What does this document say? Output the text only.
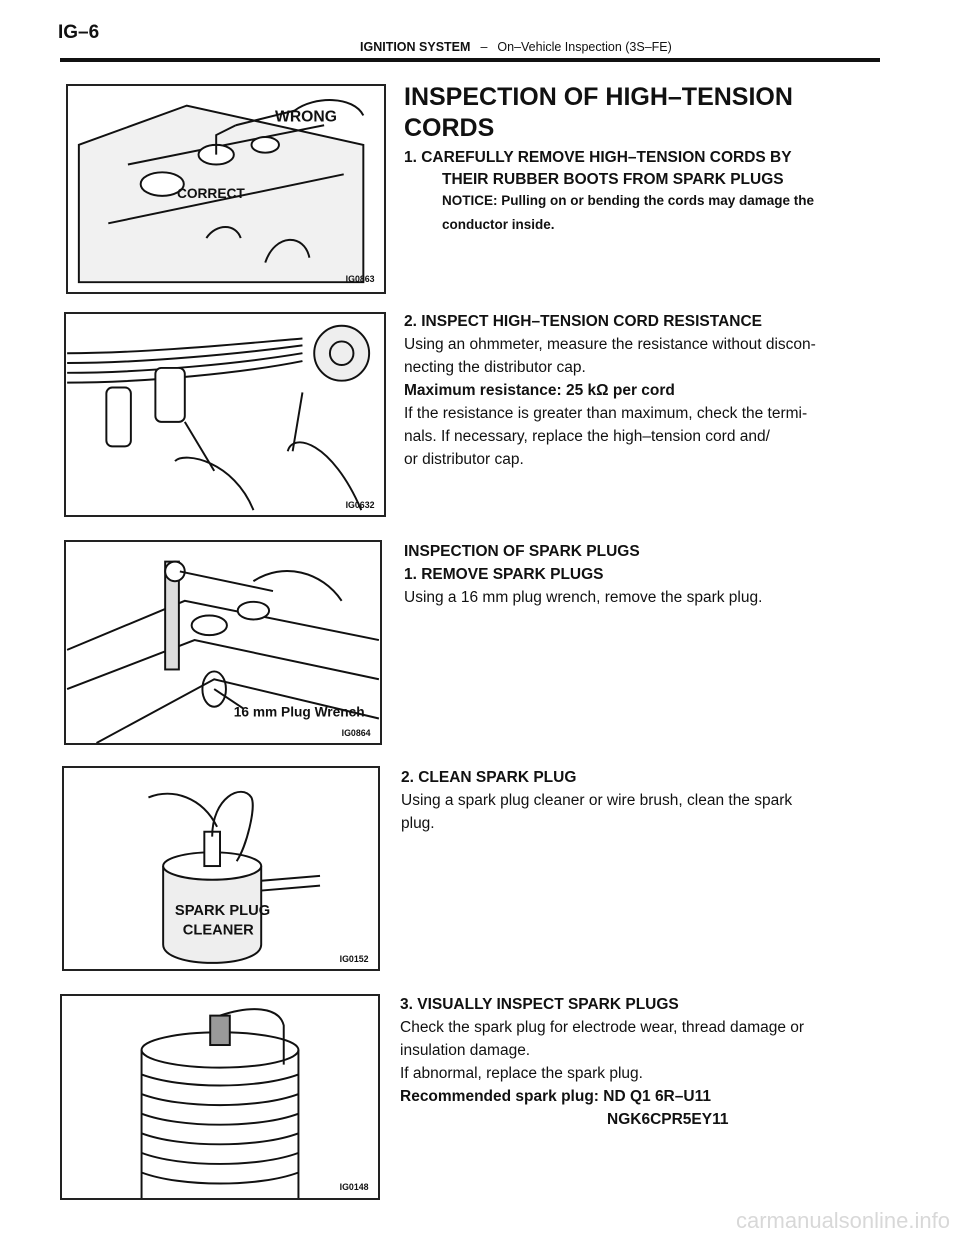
IG–6
IGNITION SYSTEM – On–Vehicle Inspection (3S–FE)
WRONG
CORRECT
IG0863
INSPECTION OF HIGH–TENSION
CORDS
1. CAREFULLY REMOVE HIGH–TENSION CORDS BY
THEIR RUBBER BOOTS FROM SPARK PLUGS
NOTICE: Pulling on or bending the cords may damage the
conductor inside.
IG0632
2. INSPECT HIGH–TENSION CORD RESISTANCE
Using an ohmmeter, measure the resistance without discon-
necting the distributor cap.
Maximum resistance: 25 kΩ per cord
If the resistance is greater than maximum, check the termi-
nals. If necessary, replace the high–tension cord and/
or distributor cap.
16 mm Plug Wrench
IG0864
INSPECTION OF SPARK PLUGS
1. REMOVE SPARK PLUGS
Using a 16 mm plug wrench, remove the spark plug.
SPARK PLUG
CLEANER
IG0152
2. CLEAN SPARK PLUG
Using a spark plug cleaner or wire brush, clean the spark
plug.
IG0148
3. VISUALLY INSPECT SPARK PLUGS
Check the spark plug for electrode wear, thread damage or
insulation damage.
If abnormal, replace the spark plug.
Recommended spark plug: ND Q1 6R–U11
NGK6CPR5EY11
carmanualsonline.info
